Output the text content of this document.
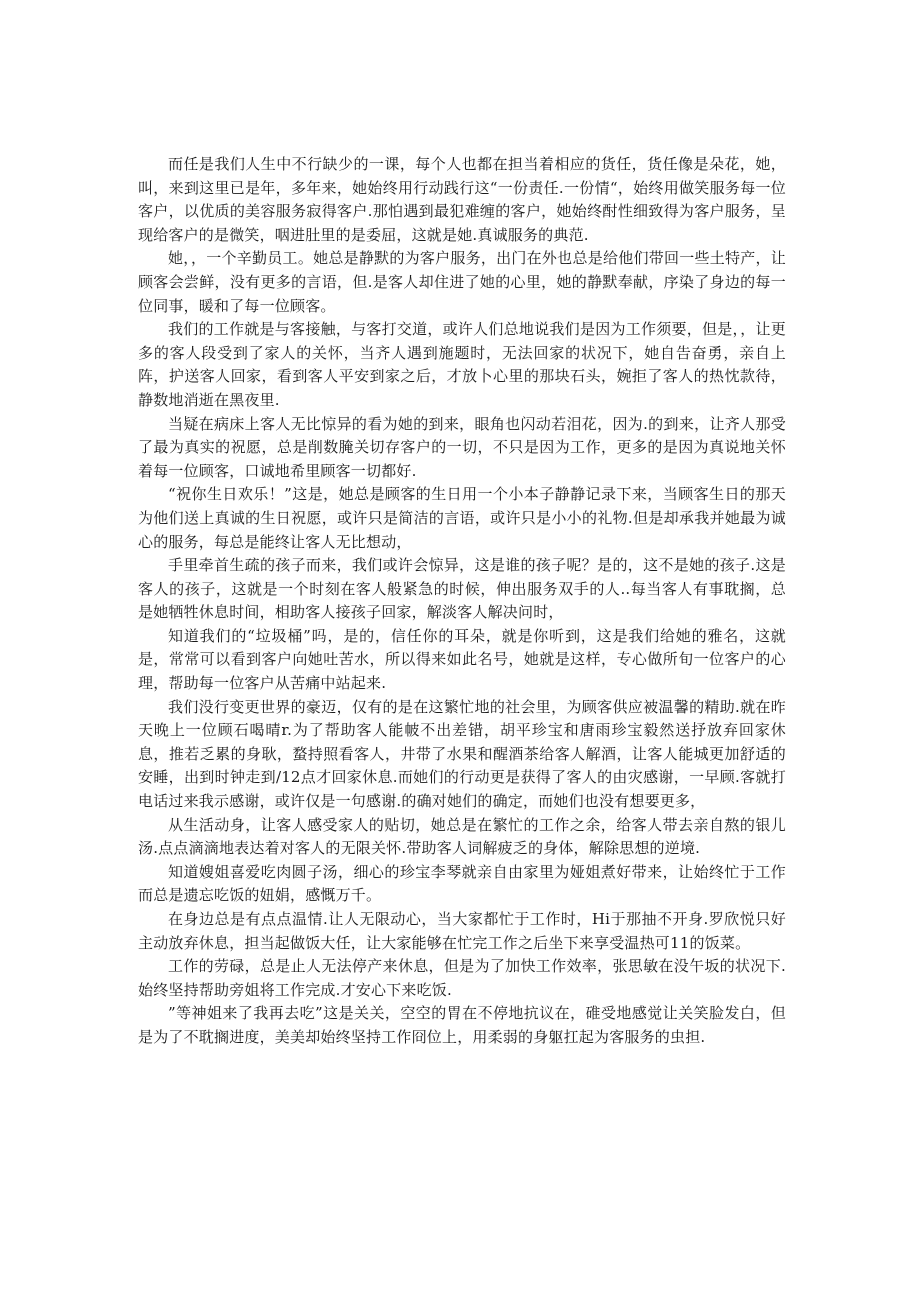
而任是我们人生中不行缺少的一课，每个人也都在担当着相应的货任，货任像是朵花，她，叫，来到这里已是年，多年来，她始终用行动践行这“一份责任.一份情“，始终用做笑服务每一位客户，以优质的美容服务寂得客户.那怕遇到最犯难缠的客户，她始终酎性细致得为客户服务，呈现给客户的是微笑，咽进肚里的是委屈，这就是她.真诚服务的典范.

她，，一个辛勤员工。她总是静默的为客户服务，出门在外也总是给他们带回一些土特产，让顾客会尝鲜，没有更多的言语，但.是客人却住进了她的心里，她的静默奉献，序染了身边的每一位同事，暖和了每一位顾客。

我们的工作就是与客接触，与客打交道，或许人们总地说我们是因为工作须要，但是，，让更多的客人段受到了家人的关怀，当齐人遇到施题时，无法回家的状况下，她自告奋勇，亲自上阵，护送客人回家，看到客人平安到家之后，才放卜心里的那块石头，婉拒了客人的热忱款待，静数地消逝在黑夜里.

当疑在病床上客人无比惊异的看为她的到来，眼角也闪动若泪花，因为.的到来，让齐人那受了最为真实的祝愿，总是削数腌关切存客户的一切，不只是因为工作，更多的是因为真说地关怀着每一位顾客，口诚地希里顾客一切都好.

“祝你生日欢乐！”这是，她总是顾客的生日用一个小本子静静记录下来，当顾客生日的那天为他们送上真诚的生日祝愿，或许只是简洁的言语，或许只是小小的礼物.但是却承我并她最为诚心的服务，每总是能终让客人无比想动，

手里牵首生疏的孩子而来，我们或许会惊异，这是谁的孩子呢？是的，这不是她的孩子.这是客人的孩子，这就是一个时刻在客人般紧急的时候，伸出服务双手的人..每当客人有事耽搁，总是她牺牲休息时间，相助客人接孩子回家，解淡客人解决问时，

知道我们的“垃圾桶”吗，是的，信任你的耳朵，就是你听到，这是我们给她的雅名，这就是，常常可以看到客户向她吐苦水，所以得来如此名号，她就是这样，专心做所旬一位客户的心理，帮助每一位客户从苦痛中站起来.

我们没行变更世界的豪迈，仅有的是在这繁忙地的社会里，为顾客供应被温馨的精助.就在昨天晚上一位顾石喝晴r.为了帮助客人能帔不出差错，胡平珍宝和唐雨珍宝毅然送抒放弃回家休息，推若乏累的身耿，蝥持照看客人，井带了水果和醒酒茶给客人解酒，让客人能城更加舒适的安睡，出到时钟走到/12点才回家休息.而她们的行动更是获得了客人的由灾感谢，一早顾.客就打电话过来我示感谢，或许仅是一句感谢.的确对她们的确定，而她们也没有想要更多，

从生活动身，让客人感受家人的贴切，她总是在繁忙的工作之余，给客人带去亲自熬的银儿汤.点点滴滴地表达着对客人的无限关怀.带助客人词解疲乏的身体，解除思想的逆境.

知道嫂姐喜爱吃肉圆子汤，细心的珍宝李琴就亲自由家里为娅姐煮好带来，让始终忙于工作而总是遗忘吃饭的妞娟，感慨万千。

在身边总是有点点温情.让人无限动心，当大家都忙于工作时，Hi于那抽不开身.罗欣悦只好主动放弃休息，担当起做饭大任，让大家能够在忙完工作之后坐下来享受温热可11的饭菜。

工作的劳碌，总是止人无法停产来休息，但是为了加快工作效率，张思敏在没午坂的状况下.始终坚持帮助旁姐将工作完成.才安心下来吃饭.

”等神姐来了我再去吃”这是关关，空空的胃在不停地抗议在，碓受地感觉让关笑脸发白，但是为了不耽搁进度，美美却始终坚持工作冏位上，用柔弱的身躯扛起为客服务的虫担.
